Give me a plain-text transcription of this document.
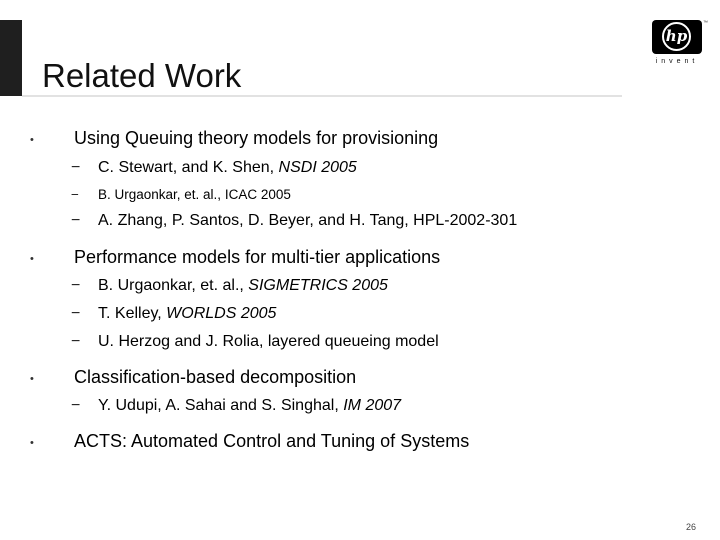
Related Work
hp
™
invent
• Using Queuing theory models for provisioning
− C. Stewart, and K. Shen, NSDI 2005
− B. Urgaonkar, et. al., ICAC 2005
− A. Zhang, P. Santos, D. Beyer, and H. Tang, HPL-2002-301
• Performance models for multi-tier applications
− B. Urgaonkar, et. al., SIGMETRICS 2005
− T. Kelley, WORLDS 2005
− U. Herzog and J. Rolia, layered queueing model
• Classification-based decomposition
− Y. Udupi, A. Sahai and S. Singhal, IM 2007
• ACTS: Automated Control and Tuning of Systems
26
